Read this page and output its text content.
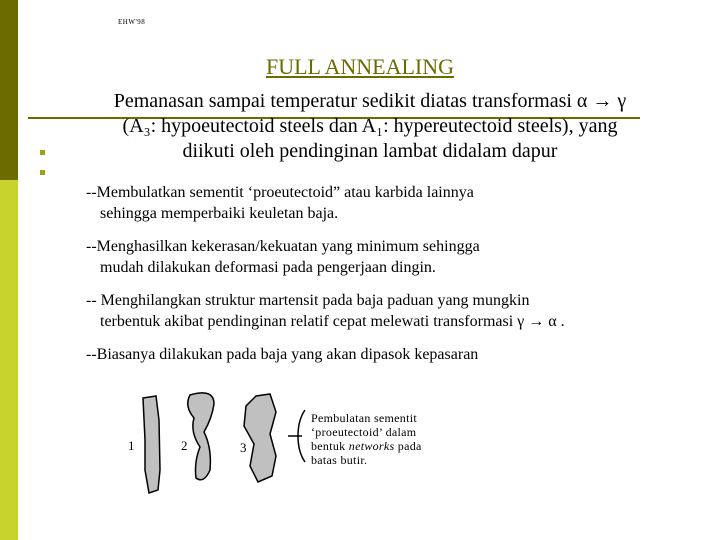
EHW'98
FULL ANNEALING
Pemanasan sampai temperatur sedikit diatas transformasi α → γ
(A₃: hypoeutectoid steels dan A₁: hypereutectoid steels), yang
diikuti oleh pendinginan lambat didalam dapur
--Membulatkan sementit ‘proeutectoid” atau karbida lainnya
sehingga memperbaiki keuletan baja.
--Menghasilkan kekerasan/kekuatan yang minimum sehingga
mudah dilakukan deformasi pada pengerjaan dingin.
-- Menghilangkan struktur martensit pada baja paduan yang mungkin
terbentuk akibat pendinginan relatif cepat melewati transformasi γ → α .
--Biasanya dilakukan pada baja yang akan dipasok kepasaran
1	2	3
Pembulatan sementit
‘proeutectoid’ dalam
bentuk networks pada
batas butir.
